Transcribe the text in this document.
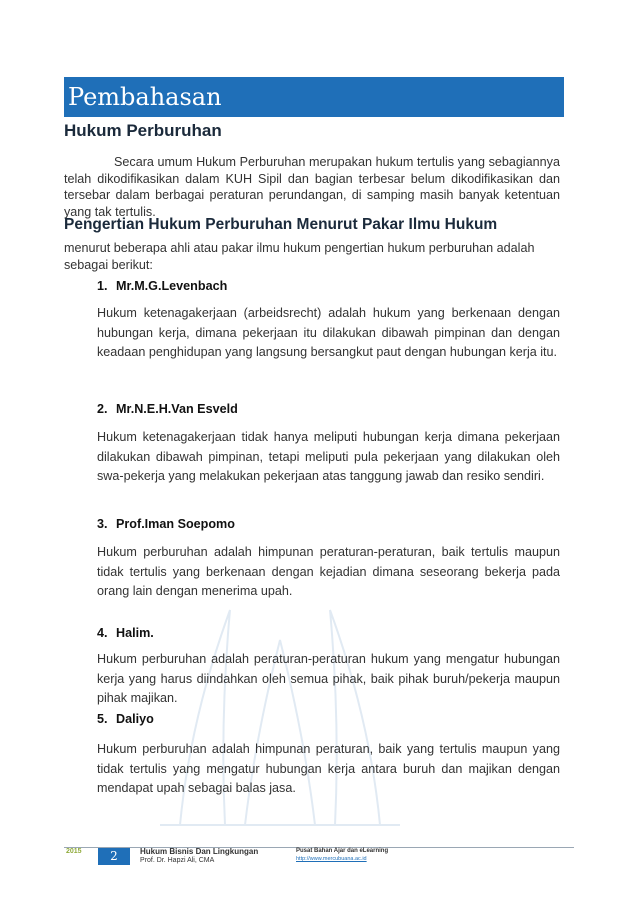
Pembahasan
Hukum Perburuhan
Secara umum Hukum Perburuhan merupakan hukum tertulis yang sebagiannya telah dikodifikasikan dalam KUH Sipil dan bagian terbesar belum dikodifikasikan dan tersebar dalam berbagai peraturan perundangan, di samping masih banyak ketentuan yang tak tertulis.
Pengertian Hukum Perburuhan Menurut Pakar Ilmu Hukum
menurut beberapa ahli atau pakar ilmu hukum pengertian hukum perburuhan adalah sebagai berikut:
1. Mr.M.G.Levenbach
Hukum ketenagakerjaan (arbeidsrecht) adalah hukum yang berkenaan dengan hubungan kerja, dimana pekerjaan itu dilakukan dibawah pimpinan dan dengan keadaan penghidupan yang langsung bersangkut paut dengan hubungan kerja itu.
2. Mr.N.E.H.Van Esveld
Hukum ketenagakerjaan tidak hanya meliputi hubungan kerja dimana pekerjaan dilakukan dibawah pimpinan, tetapi meliputi pula pekerjaan yang dilakukan oleh swa-pekerja yang melakukan pekerjaan atas tanggung jawab dan resiko sendiri.
3. Prof.Iman Soepomo
Hukum perburuhan adalah himpunan peraturan-peraturan, baik tertulis maupun tidak tertulis yang berkenaan dengan kejadian dimana seseorang bekerja pada orang lain dengan menerima upah.
4. Halim.
Hukum perburuhan adalah peraturan-peraturan hukum yang mengatur hubungan kerja yang harus diindahkan oleh semua pihak, baik pihak buruh/pekerja maupun pihak majikan.
5. Daliyo
Hukum perburuhan adalah himpunan peraturan, baik yang tertulis maupun yang tidak tertulis yang mengatur hubungan kerja antara buruh dan majikan dengan mendapat upah sebagai balas jasa.
2015	2	Hukum Bisnis Dan Lingkungan
Prof. Dr. Hapzi Ali, CMA
Pusat Bahan Ajar dan eLearning
http://www.mercubuana.ac.id
